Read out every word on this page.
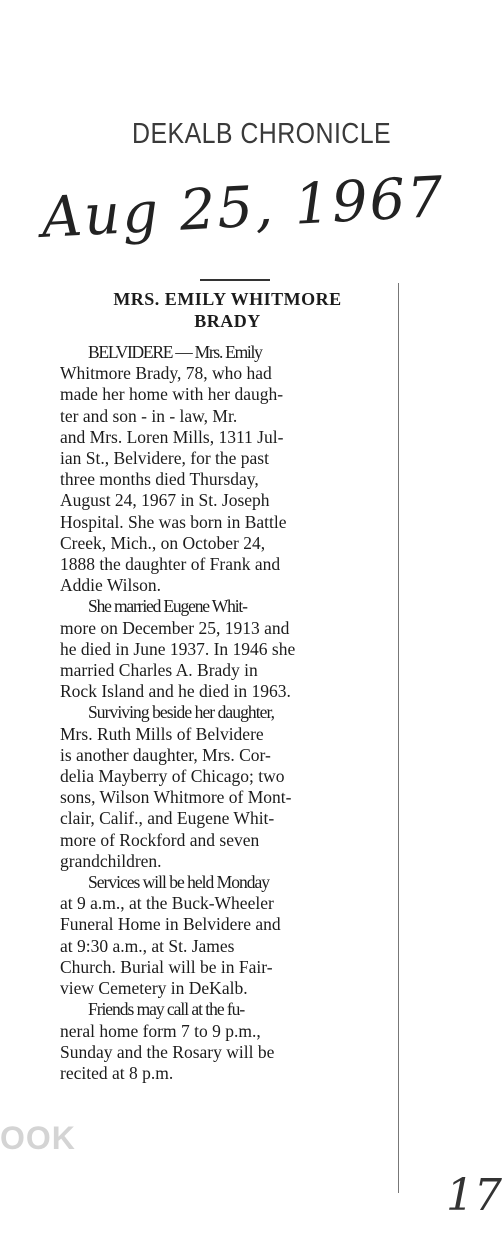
DEKALB CHRONICLE
Aug 25, 1967
OOK
17
MRS. EMILY WHITMORE
BRADY
BELVIDERE — Mrs. Emily
Whitmore Brady, 78, who had
made her home with her daugh-
ter and son - in - law, Mr.
and Mrs. Loren Mills, 1311 Jul-
ian St., Belvidere, for the past
three months died Thursday,
August 24, 1967 in St. Joseph
Hospital. She was born in Battle
Creek, Mich., on October 24,
1888 the daughter of Frank and
Addie Wilson.
She married Eugene Whit-
more on December 25, 1913 and
he died in June 1937. In 1946 she
married Charles A. Brady in
Rock Island and he died in 1963.
Surviving beside her daughter,
Mrs. Ruth Mills of Belvidere
is another daughter, Mrs. Cor-
delia Mayberry of Chicago; two
sons, Wilson Whitmore of Mont-
clair, Calif., and Eugene Whit-
more of Rockford and seven
grandchildren.
Services will be held Monday
at 9 a.m., at the Buck-Wheeler
Funeral Home in Belvidere and
at 9:30 a.m., at St. James
Church. Burial will be in Fair-
view Cemetery in DeKalb.
Friends may call at the fu-
neral home form 7 to 9 p.m.,
Sunday and the Rosary will be
recited at 8 p.m.
